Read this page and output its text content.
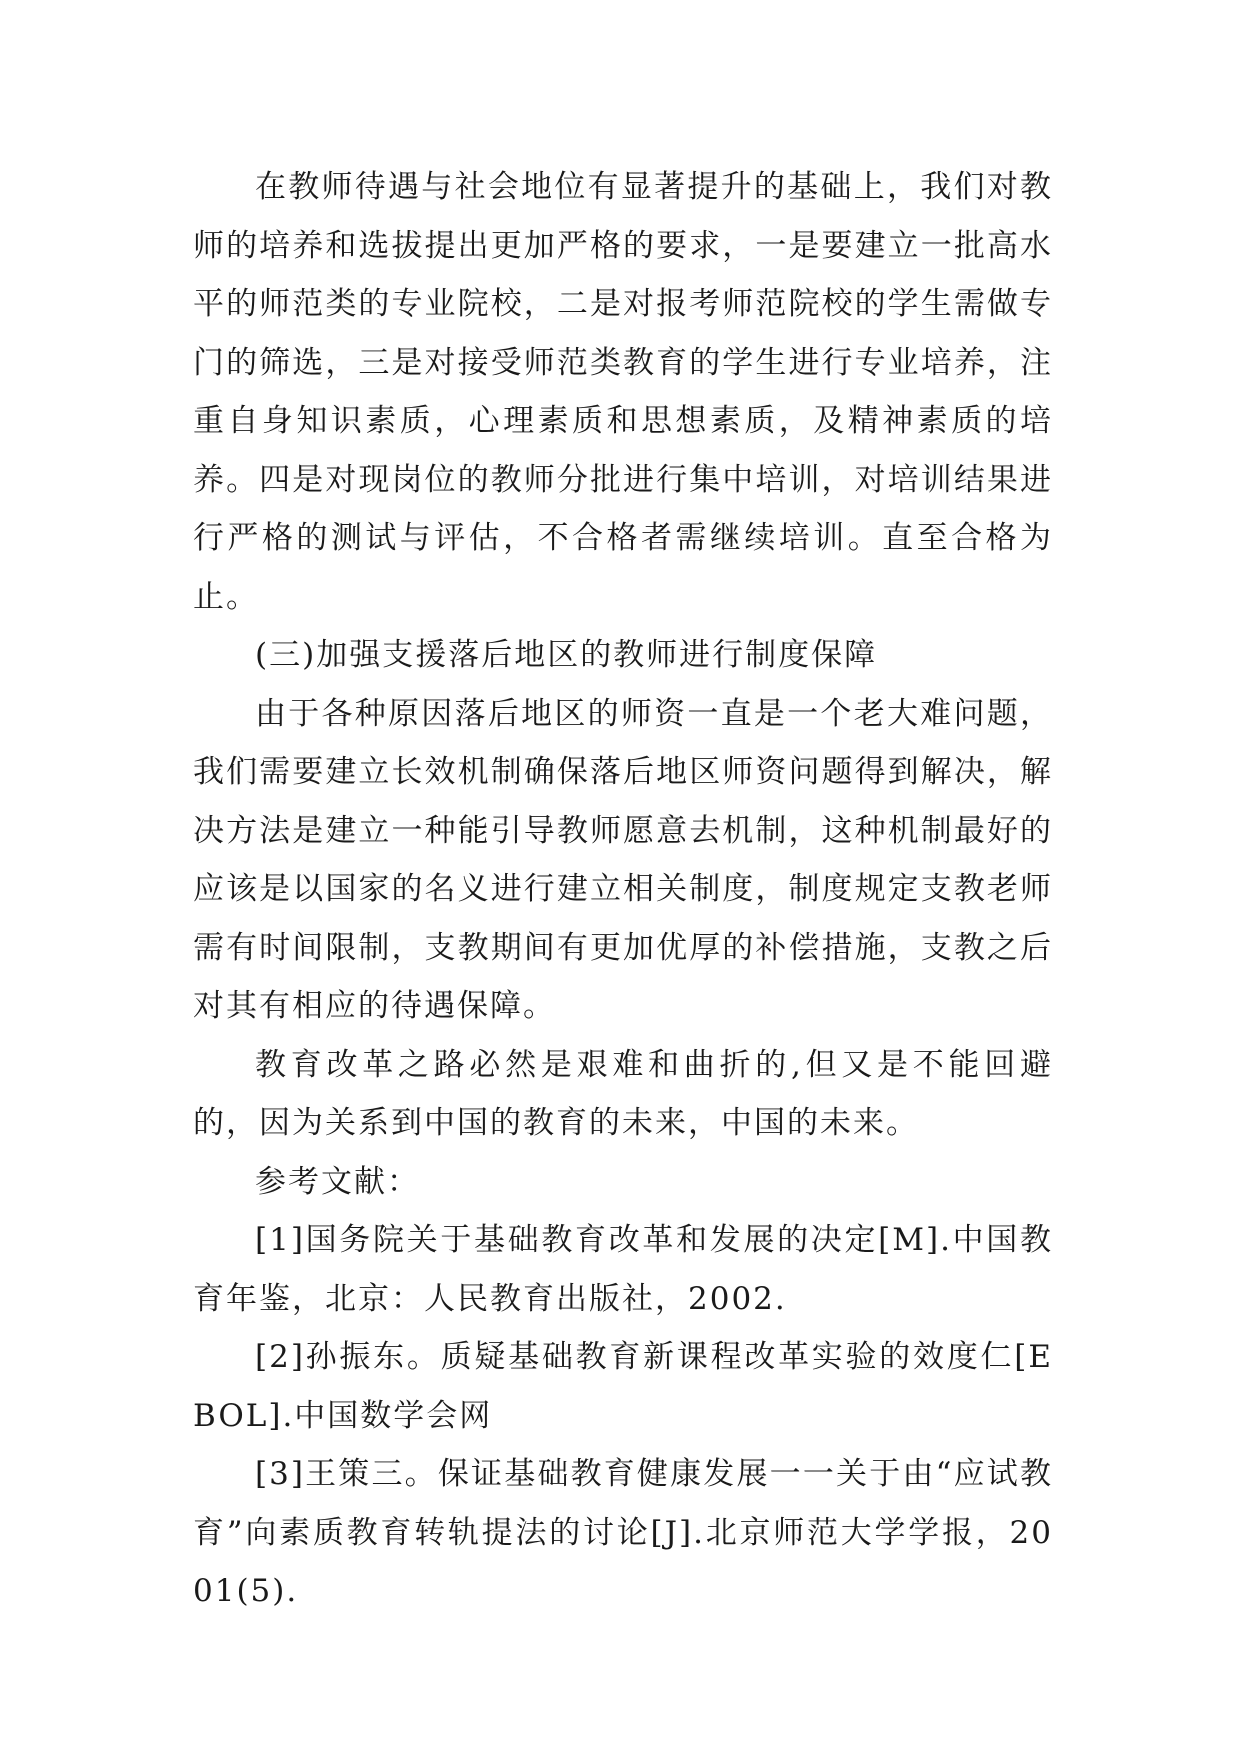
在教师待遇与社会地位有显著提升的基础上，我们对教师的培养和选拔提出更加严格的要求，一是要建立一批高水平的师范类的专业院校，二是对报考师范院校的学生需做专门的筛选，三是对接受师范类教育的学生进行专业培养，注重自身知识素质，心理素质和思想素质，及精神素质的培养。四是对现岗位的教师分批进行集中培训，对培训结果进行严格的测试与评估，不合格者需继续培训。直至合格为止。

(三)加强支援落后地区的教师进行制度保障

由于各种原因落后地区的师资一直是一个老大难问题，我们需要建立长效机制确保落后地区师资问题得到解决，解决方法是建立一种能引导教师愿意去机制，这种机制最好的应该是以国家的名义进行建立相关制度，制度规定支教老师需有时间限制，支教期间有更加优厚的补偿措施，支教之后对其有相应的待遇保障。

教育改革之路必然是艰难和曲折的,但又是不能回避的，因为关系到中国的教育的未来，中国的未来。

参考文献：

[1]国务院关于基础教育改革和发展的决定[M].中国教育年鉴，北京：人民教育出版社，2002.

[2]孙振东。质疑基础教育新课程改革实验的效度仁[EBOL].中国数学会网

[3]王策三。保证基础教育健康发展一一关于由“应试教育”向素质教育转轨提法的讨论[J].北京师范大学学报，2001(5).
